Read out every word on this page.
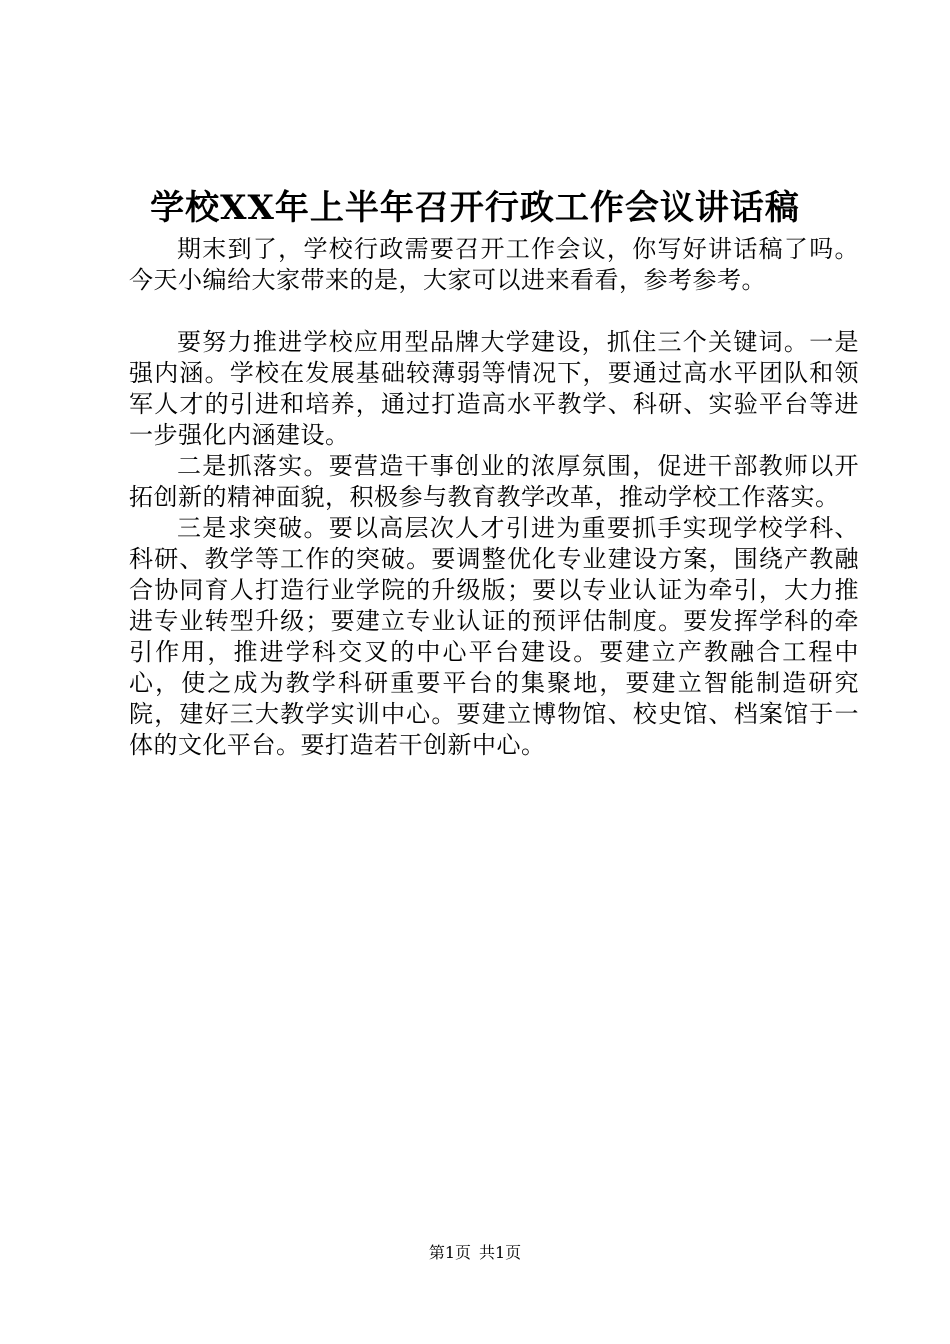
学校XX年上半年召开行政工作会议讲话稿

期末到了，学校行政需要召开工作会议，你写好讲话稿了吗。今天小编给大家带来的是，大家可以进来看看，参考参考。

要努力推进学校应用型品牌大学建设，抓住三个关键词。一是强内涵。学校在发展基础较薄弱等情况下，要通过高水平团队和领军人才的引进和培养，通过打造高水平教学、科研、实验平台等进一步强化内涵建设。

二是抓落实。要营造干事创业的浓厚氛围，促进干部教师以开拓创新的精神面貌，积极参与教育教学改革，推动学校工作落实。

三是求突破。要以高层次人才引进为重要抓手实现学校学科、科研、教学等工作的突破。要调整优化专业建设方案，围绕产教融合协同育人打造行业学院的升级版；要以专业认证为牵引，大力推进专业转型升级；要建立专业认证的预评估制度。要发挥学科的牵引作用，推进学科交叉的中心平台建设。要建立产教融合工程中心，使之成为教学科研重要平台的集聚地，要建立智能制造研究院，建好三大教学实训中心。要建立博物馆、校史馆、档案馆于一体的文化平台。要打造若干创新中心。

第1页 共1页
